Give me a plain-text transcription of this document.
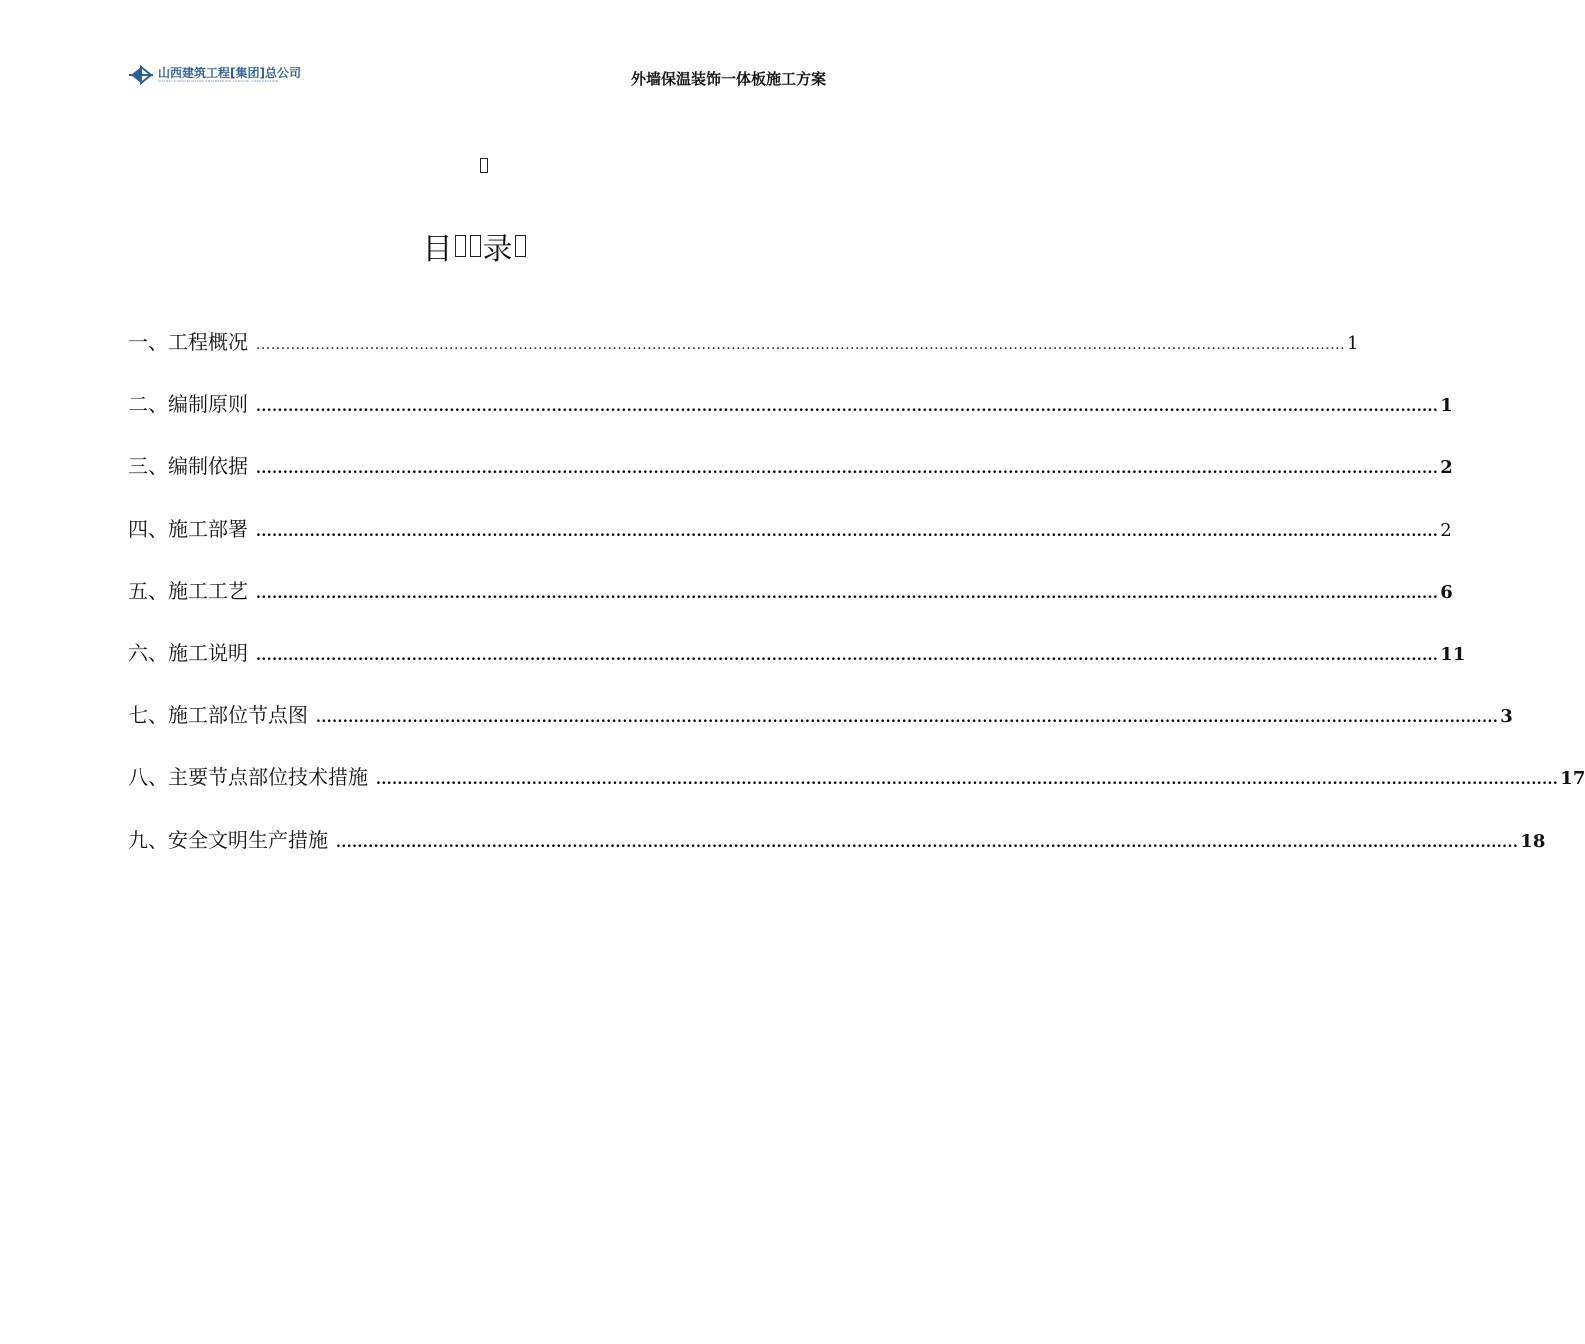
山西建筑工程[集团]总公司
SHANXI CONSTRUCTION ENGINEERING (GROUP) CORPORATION	外墙保温装饰一体板施工方案
目 录
一、工程概况 ............................................................................................................................................................................................................................ 1
二、编制原则 ............................................................................................................................................................................................................................ 1
三、编制依据 ............................................................................................................................................................................................................................ 2
四、施工部署 ............................................................................................................................................................................................................................ 2
五、施工工艺 ............................................................................................................................................................................................................................ 6
六、施工说明 ............................................................................................................................................................................................................................ 11
七、施工部位节点图 ............................................................................................................................................................................................................................ 3
八、主要节点部位技术措施 ............................................................................................................................................................................................................................ 17
九、安全文明生产措施 ............................................................................................................................................................................................................................ 18
